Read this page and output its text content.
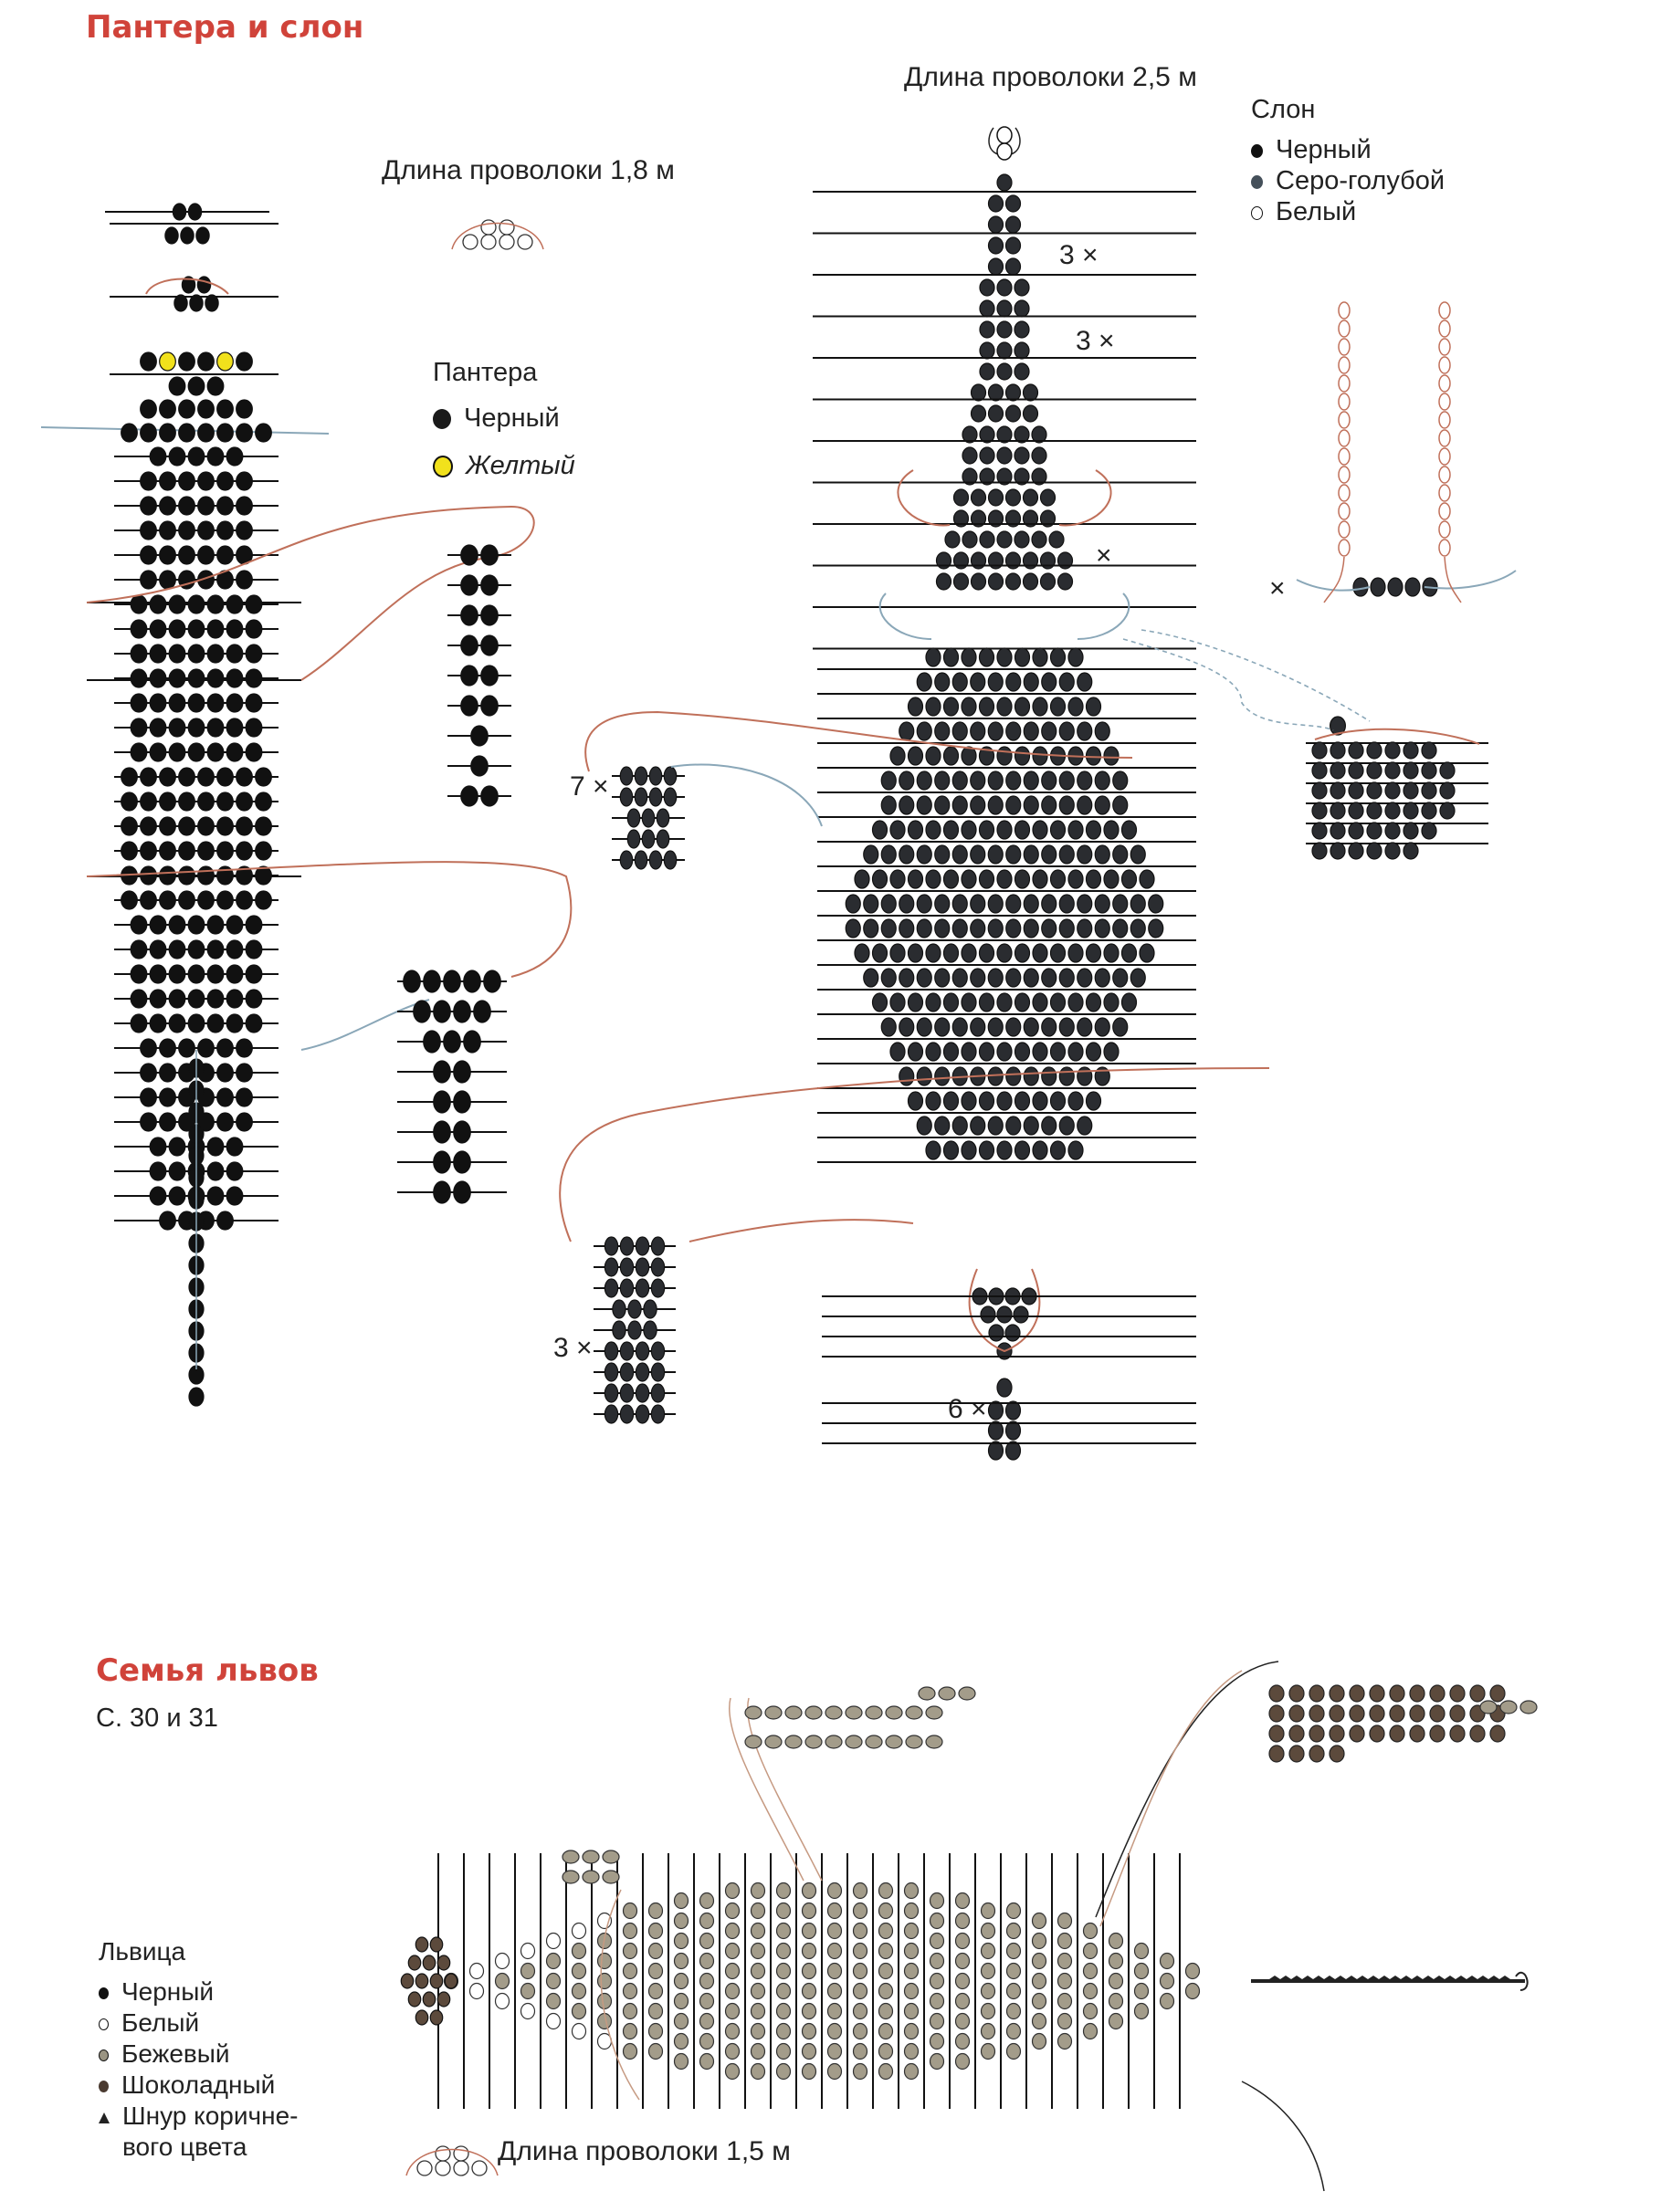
Пантера и слон
Семья львов
С. 30 и 31
Длина проволоки 1,8 м
Длина проволоки 2,5 м
Длина проволоки 1,5 м
3 ×
3 ×
7 ×
3 ×
6 ×
×
×
Пантера
Черный
Желтый
Слон
Черный
Серо-голубой
Белый
Львица
Черный
Белый
Бежевый
Шоколадный
Шнур коричне-
вого цвета
